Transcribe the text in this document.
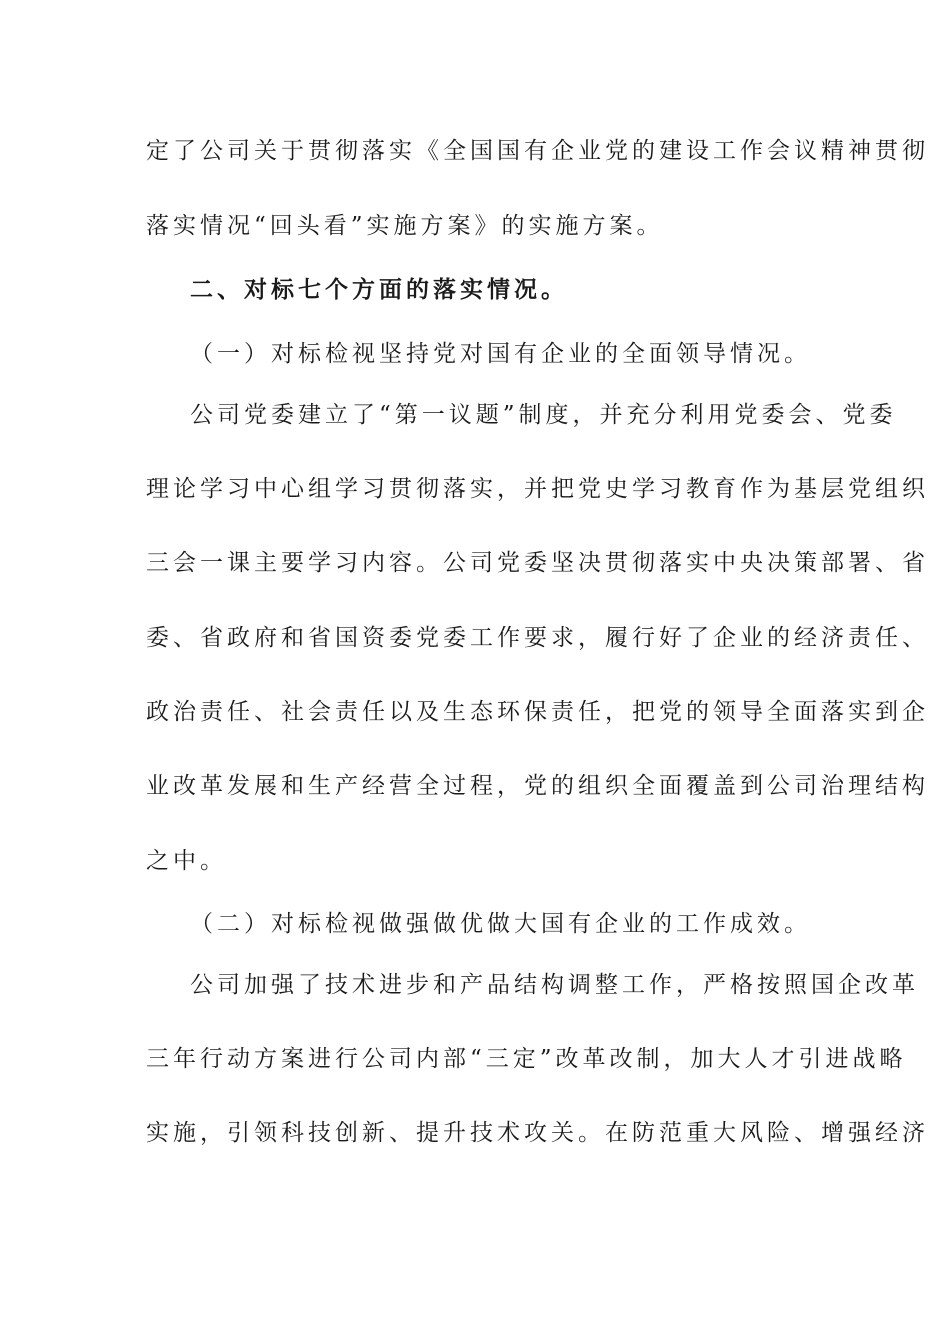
定了公司关于贯彻落实《全国国有企业党的建设工作会议精神贯彻
落实情况“回头看”实施方案》的实施方案。
二、对标七个方面的落实情况。
（一）对标检视坚持党对国有企业的全面领导情况。
公司党委建立了“第一议题”制度，并充分利用党委会、党委
理论学习中心组学习贯彻落实，并把党史学习教育作为基层党组织
三会一课主要学习内容。公司党委坚决贯彻落实中央决策部署、省
委、省政府和省国资委党委工作要求，履行好了企业的经济责任、
政治责任、社会责任以及生态环保责任，把党的领导全面落实到企
业改革发展和生产经营全过程，党的组织全面覆盖到公司治理结构
之中。
（二）对标检视做强做优做大国有企业的工作成效。
公司加强了技术进步和产品结构调整工作，严格按照国企改革
三年行动方案进行公司内部“三定”改革改制，加大人才引进战略
实施，引领科技创新、提升技术攻关。在防范重大风险、增强经济
